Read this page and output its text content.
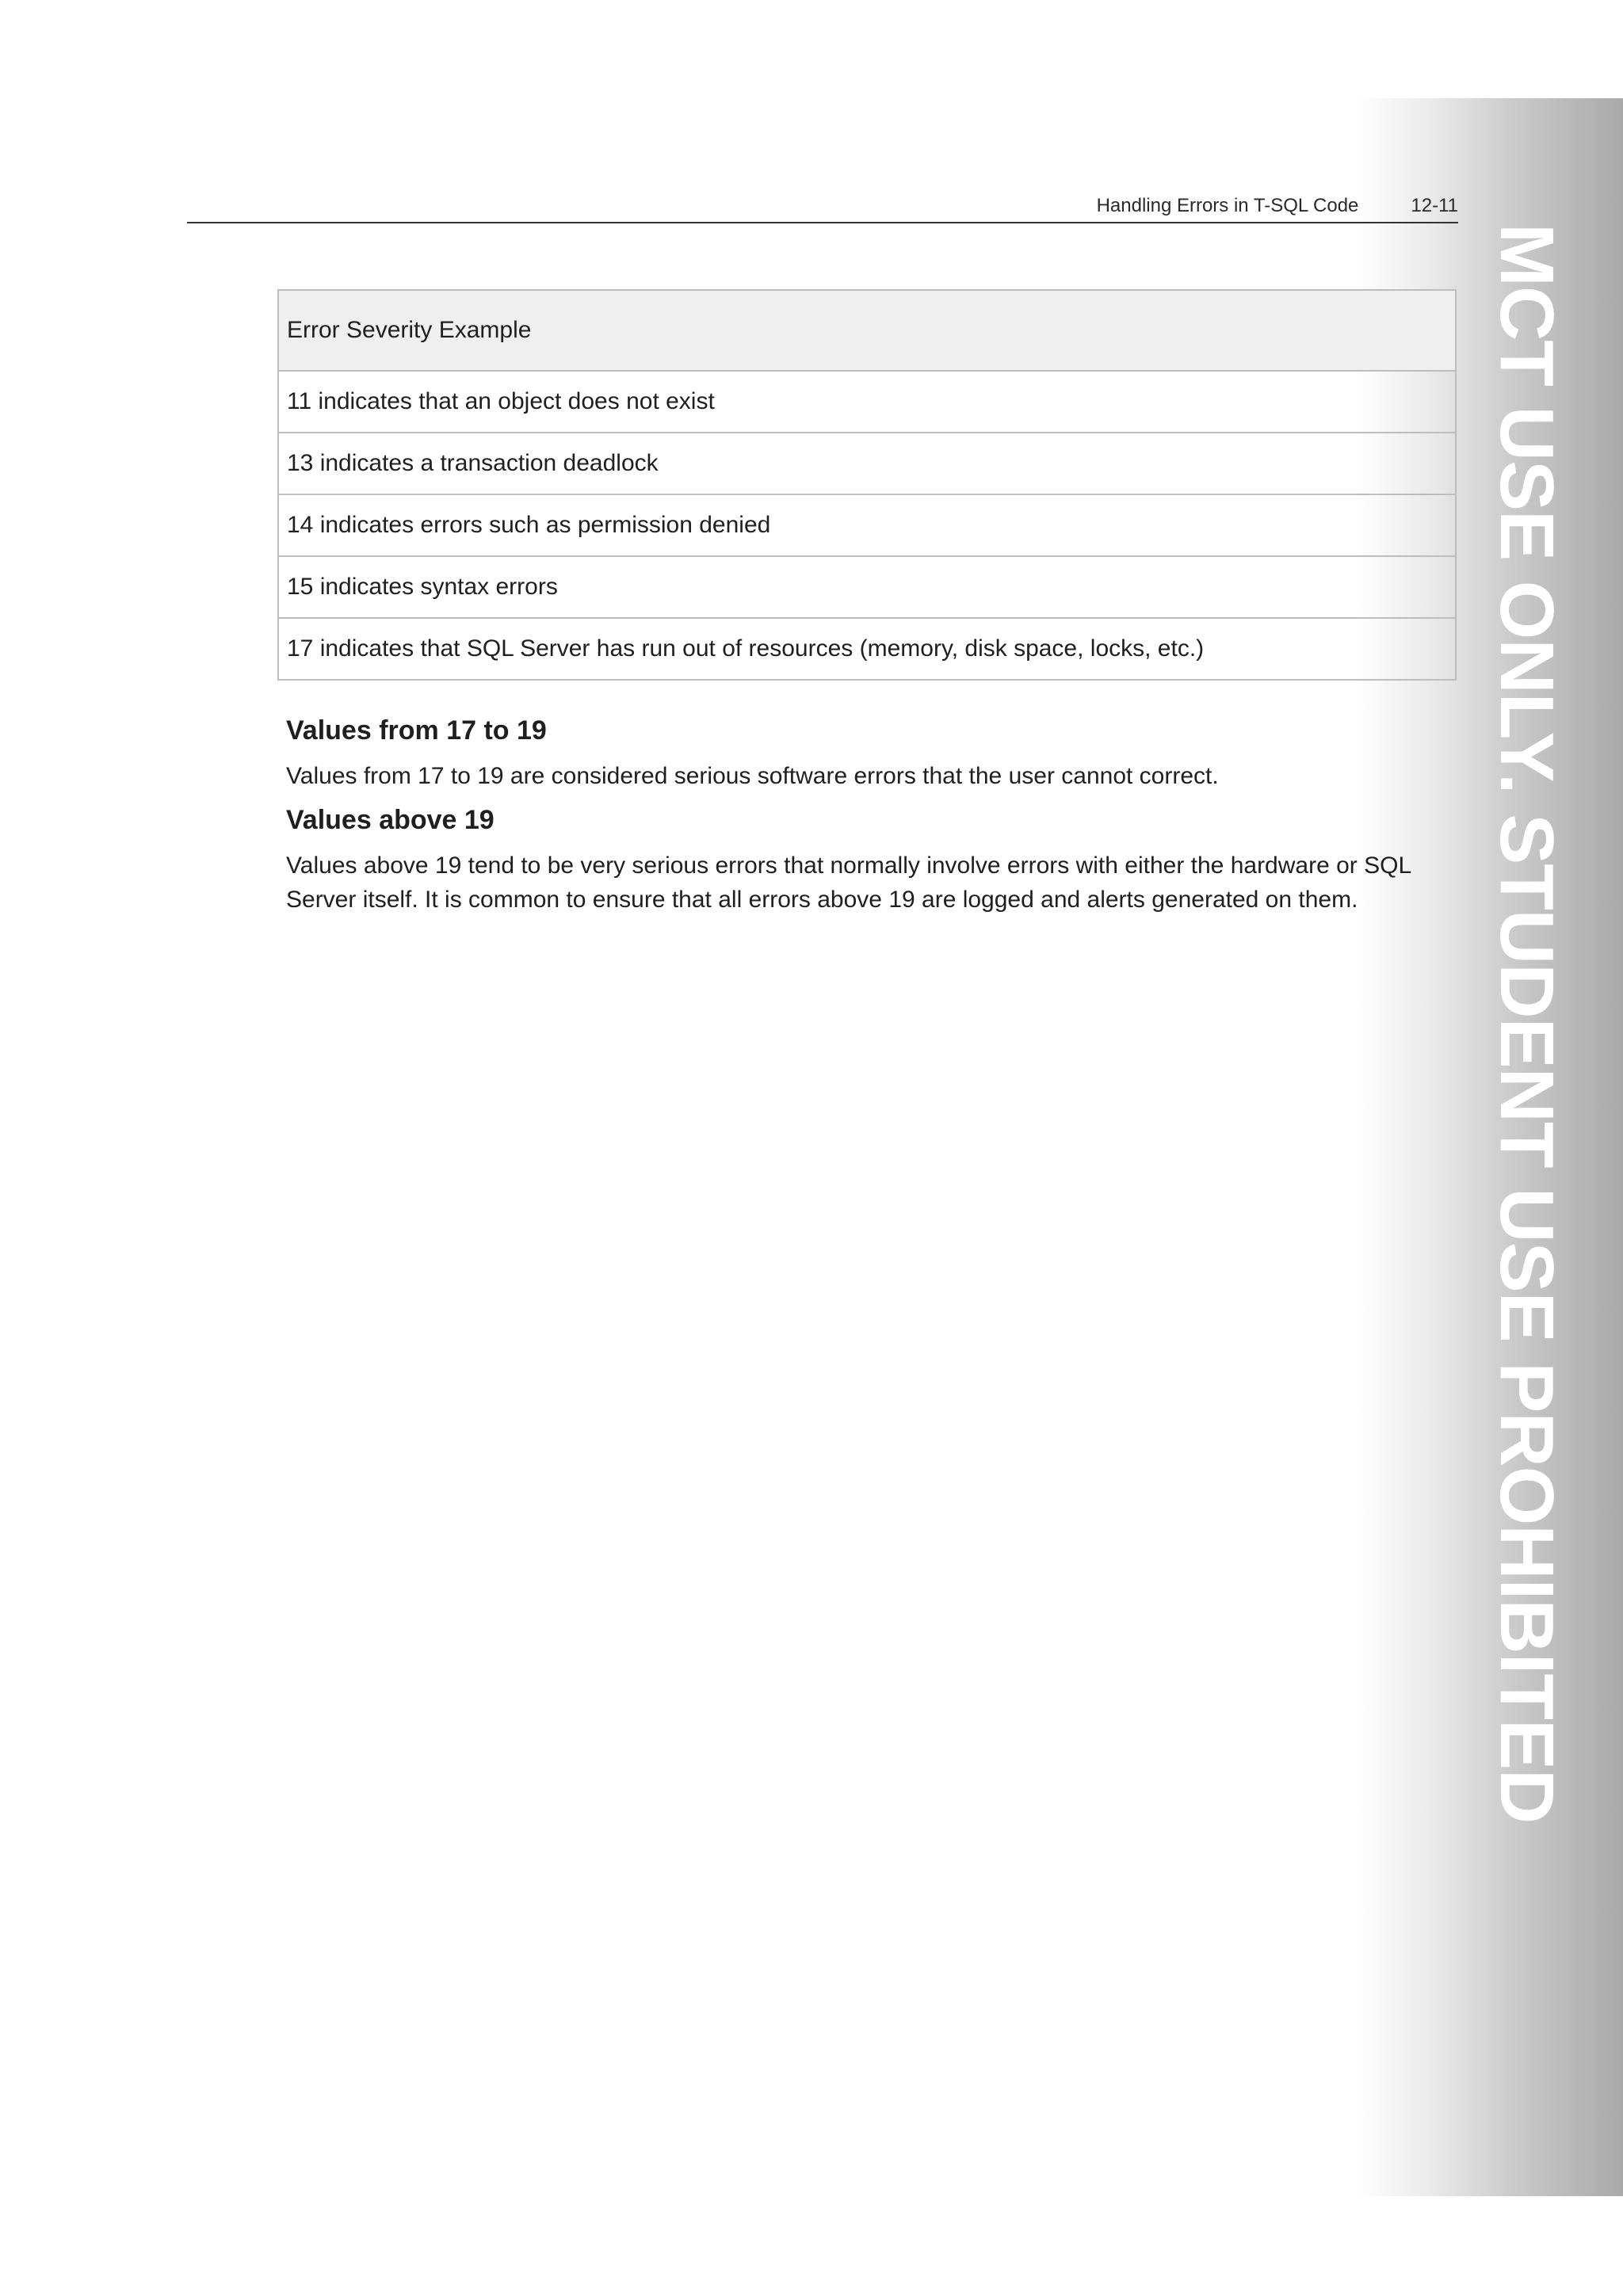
MCT USE ONLY. STUDENT USE PROHIBITED
Handling Errors in T-SQL Code	12-11
Error Severity Example
11 indicates that an object does not exist
13 indicates a transaction deadlock
14 indicates errors such as permission denied
15 indicates syntax errors
17 indicates that SQL Server has run out of resources (memory, disk space, locks, etc.)
Values from 17 to 19

Values from 17 to 19 are considered serious software errors that the user cannot correct.

Values above 19

Values above 19 tend to be very serious errors that normally involve errors with either the hardware or SQL Server itself. It is common to ensure that all errors above 19 are logged and alerts generated on them.
